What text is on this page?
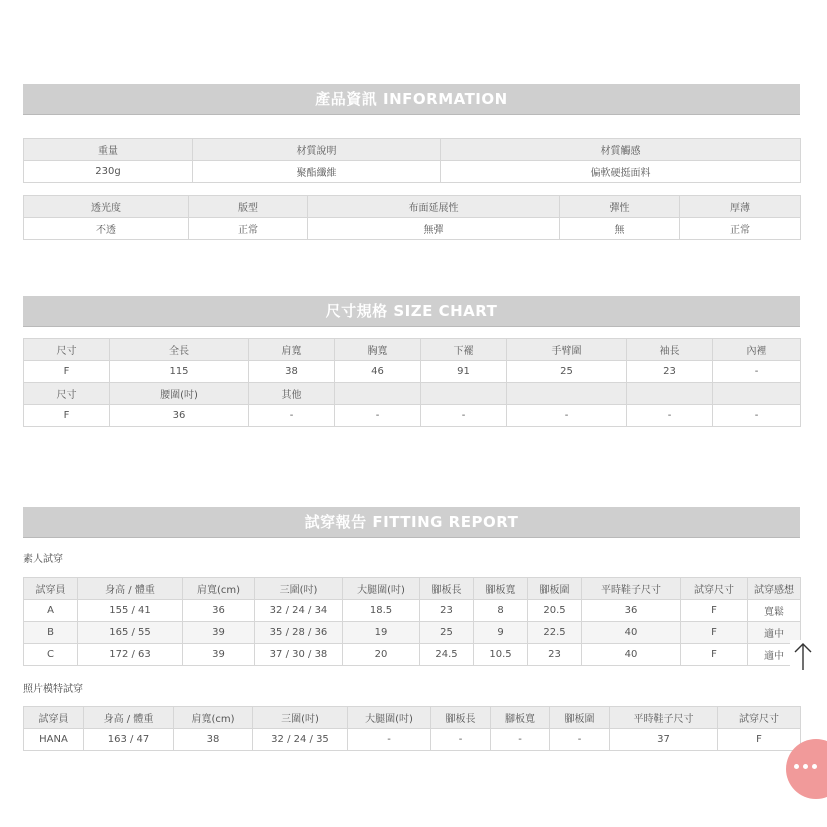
產品資訊 INFORMATION
重量	材質說明	材質觸感
230g	聚酯纖維	偏軟硬挺面料
透光度	版型	布面延展性	彈性	厚薄
不透	正常	無彈	無	正常
尺寸規格 SIZE CHART
尺寸	全長	肩寬	胸寬	下襬	手臂圍	袖長	內裡
F	115	38	46	91	25	23	-
尺寸	腰圍(吋)	其他					
F	36	-	-	-	-	-	-
試穿報告 FITTING REPORT
素人試穿
試穿員	身高 / 體重	肩寬(cm)	三圍(吋)	大腿圍(吋)	腳板長	腳板寬	腳板圍	平時鞋子尺寸	試穿尺寸	試穿感想
A	155 / 41	36	32 / 24 / 34	18.5	23	8	20.5	36	F	寬鬆
B	165 / 55	39	35 / 28 / 36	19	25	9	22.5	40	F	適中
C	172 / 63	39	37 / 30 / 38	20	24.5	10.5	23	40	F	適中
照片模特試穿
試穿員	身高 / 體重	肩寬(cm)	三圍(吋)	大腿圍(吋)	腳板長	腳板寬	腳板圍	平時鞋子尺寸	試穿尺寸
HANA	163 / 47	38	32 / 24 / 35	-	-	-	-	37	F
